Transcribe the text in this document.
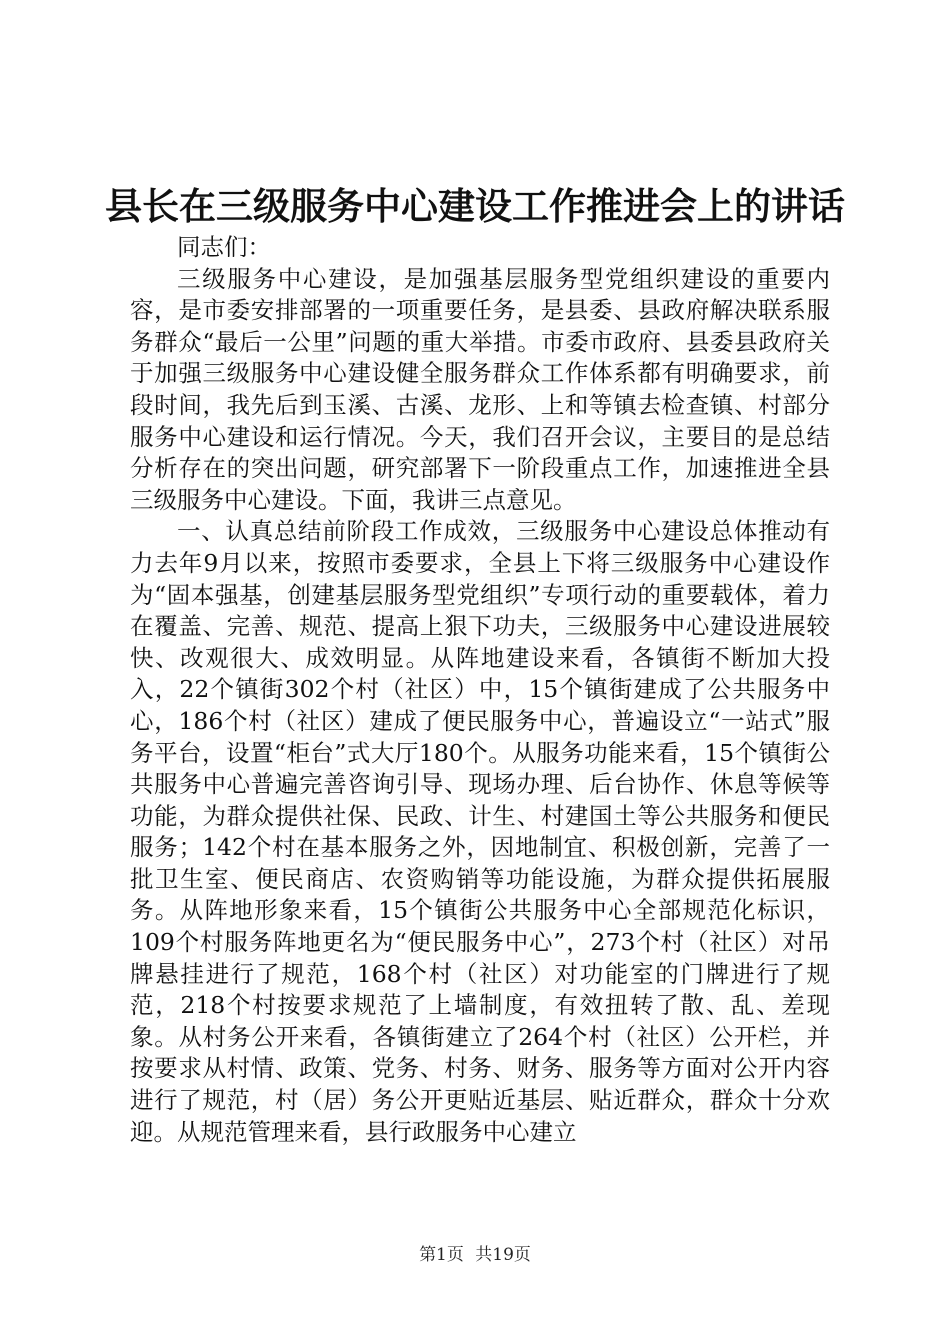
县长在三级服务中心建设工作推进会上的讲话

同志们：

三级服务中心建设，是加强基层服务型党组织建设的重要内容，是市委安排部署的一项重要任务，是县委、县政府解决联系服务群众“最后一公里”问题的重大举措。市委市政府、县委县政府关于加强三级服务中心建设健全服务群众工作体系都有明确要求，前段时间，我先后到玉溪、古溪、龙形、上和等镇去检查镇、村部分服务中心建设和运行情况。今天，我们召开会议，主要目的是总结分析存在的突出问题，研究部署下一阶段重点工作，加速推进全县三级服务中心建设。下面，我讲三点意见。

一、认真总结前阶段工作成效，三级服务中心建设总体推动有力去年9月以来，按照市委要求，全县上下将三级服务中心建设作为“固本强基，创建基层服务型党组织”专项行动的重要载体，着力在覆盖、完善、规范、提高上狠下功夫，三级服务中心建设进展较快、改观很大、成效明显。从阵地建设来看，各镇街不断加大投入，22个镇街302个村（社区）中，15个镇街建成了公共服务中心，186个村（社区）建成了便民服务中心，普遍设立“一站式”服务平台，设置“柜台”式大厅180个。从服务功能来看，15个镇街公共服务中心普遍完善咨询引导、现场办理、后台协作、休息等候等功能，为群众提供社保、民政、计生、村建国土等公共服务和便民服务；142个村在基本服务之外，因地制宜、积极创新，完善了一批卫生室、便民商店、农资购销等功能设施，为群众提供拓展服务。从阵地形象来看，15个镇街公共服务中心全部规范化标识，109个村服务阵地更名为“便民服务中心”，273个村（社区）对吊牌悬挂进行了规范，168个村（社区）对功能室的门牌进行了规范，218个村按要求规范了上墙制度，有效扭转了散、乱、差现象。从村务公开来看，各镇街建立了264个村（社区）公开栏，并按要求从村情、政策、党务、村务、财务、服务等方面对公开内容进行了规范，村（居）务公开更贴近基层、贴近群众，群众十分欢迎。从规范管理来看，县行政服务中心建立

第1页 共19页
